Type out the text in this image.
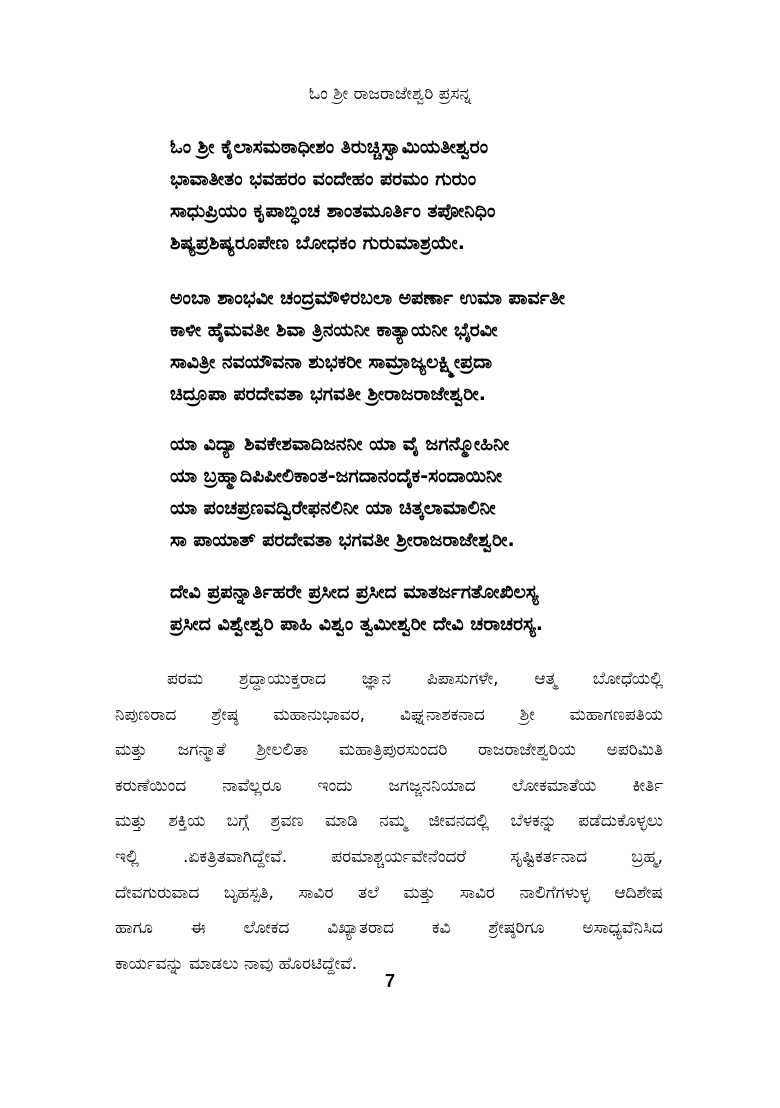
ಓಂ ಶ್ರೀ ರಾಜರಾಜೇಶ್ವರಿ ಪ್ರಸನ್ನ
ಓಂ ಶ್ರೀ ಕೈಲಾಸಮಠಾಧೀಶಂ ತಿರುಚ್ಚಿಸ್ವಾಮಿಯತೀಶ್ವರಂ
ಭಾವಾತೀತಂ ಭವಹರಂ ವಂದೇಹಂ ಪರಮಂ ಗುರುಂ
ಸಾಧುಪ್ರಿಯಂ ಕೃಪಾಬ್ಧಿಂಚ ಶಾಂತಮೂರ್ತಿಂ ತಪೋನಿಧಿಂ
ಶಿಷ್ಯಪ್ರಶಿಷ್ಯರೂಪೇಣ ಬೋಧಕಂ ಗುರುಮಾಶ್ರಯೇ.
ಅಂಬಾ ಶಾಂಭವೀ ಚಂದ್ರಮೌಳಿರಬಲಾ ಅಪರ್ಣಾ ಉಮಾ ಪಾರ್ವತೀ
ಕಾಳೀ ಹೈಮವತೀ ಶಿವಾ ತ್ರಿನಯನೀ ಕಾತ್ಯಾಯನೀ ಭೈರವೀ
ಸಾವಿತ್ರೀ ನವಯೌವನಾ ಶುಭಕರೀ ಸಾಮ್ರಾಜ್ಯಲಕ್ಷ್ಮೀಪ್ರದಾ
ಚಿದ್ರೂಪಾ ಪರದೇವತಾ ಭಗವತೀ ಶ್ರೀರಾಜರಾಜೇಶ್ವರೀ.
ಯಾ ವಿದ್ಯಾ ಶಿವಕೇಶವಾದಿಜನನೀ ಯಾ ವೈ ಜಗನ್ಮೋಹಿನೀ
ಯಾ ಬ್ರಹ್ಮಾದಿಪಿಪೀಲಿಕಾಂತ-ಜಗದಾನಂದೈಕ-ಸಂದಾಯಿನೀ
ಯಾ ಪಂಚಪ್ರಣವದ್ವಿರೇಫನಲಿನೀ ಯಾ ಚಿತ್ಕಲಾಮಾಲಿನೀ
ಸಾ ಪಾಯಾತ್ ಪರದೇವತಾ ಭಗವತೀ ಶ್ರೀರಾಜರಾಜೇಶ್ವರೀ.
ದೇವಿ ಪ್ರಪನ್ನಾರ್ತಿಹರೇ ಪ್ರಸೀದ ಪ್ರಸೀದ ಮಾತರ್ಜಗತೋಖಿಲಸ್ಯ
ಪ್ರಸೀದ ವಿಶ್ವೇಶ್ವರಿ ಪಾಹಿ ವಿಶ್ವಂ ತ್ವಮೀಶ್ವರೀ ದೇವಿ ಚರಾಚರಸ್ಯ.
ಪರಮ ಶ್ರದ್ಧಾಯುಕ್ತರಾದ ಜ್ಞಾನ ಪಿಪಾಸುಗಳೇ, ಆತ್ಮ ಬೋಧೆಯಲ್ಲಿ
ನಿಪುಣರಾದ ಶ್ರೇಷ್ಠ ಮಹಾನುಭಾವರ, ವಿಘ್ನನಾಶಕನಾದ ಶ್ರೀ ಮಹಾಗಣಪತಿಯ
ಮತ್ತು ಜಗನ್ಮಾತೆ ಶ್ರೀಲಲಿತಾ ಮಹಾತ್ರಿಪುರಸುಂದರಿ ರಾಜರಾಜೇಶ್ವರಿಯ ಅಪರಿಮಿತಿ
ಕರುಣೆಯಿಂದ ನಾವೆಲ್ಲರೂ ಇಂದು ಜಗಜ್ಜನನಿಯಾದ ಲೋಕಮಾತೆಯ ಕೀರ್ತಿ
ಮತ್ತು ಶಕ್ತಿಯ ಬಗ್ಗೆ ಶ್ರವಣ ಮಾಡಿ ನಮ್ಮ ಜೀವನದಲ್ಲಿ ಬೆಳಕನ್ನು ಪಡೆದುಕೊಳ್ಳಲು
ಇಲ್ಲಿ .ಏಕತ್ರಿತವಾಗಿದ್ದೇವೆ. ಪರಮಾಶ್ಚರ್ಯವೇನೆಂದರೆ ಸೃಷ್ಟಿಕರ್ತನಾದ ಬ್ರಹ್ಮ,
ದೇವಗುರುವಾದ ಬೃಹಸ್ಪತಿ, ಸಾವಿರ ತಲೆ ಮತ್ತು ಸಾವಿರ ನಾಲಿಗೆಗಳುಳ್ಳ ಆದಿಶೇಷ
ಹಾಗೂ ಈ ಲೋಕದ ವಿಖ್ಯಾತರಾದ ಕವಿ ಶ್ರೇಷ್ಠರಿಗೂ ಅಸಾಧ್ಯವೆನಿಸಿದ
ಕಾರ್ಯವನ್ನು ಮಾಡಲು ನಾವು ಹೊರಟಿದ್ದೇವೆ.
7
